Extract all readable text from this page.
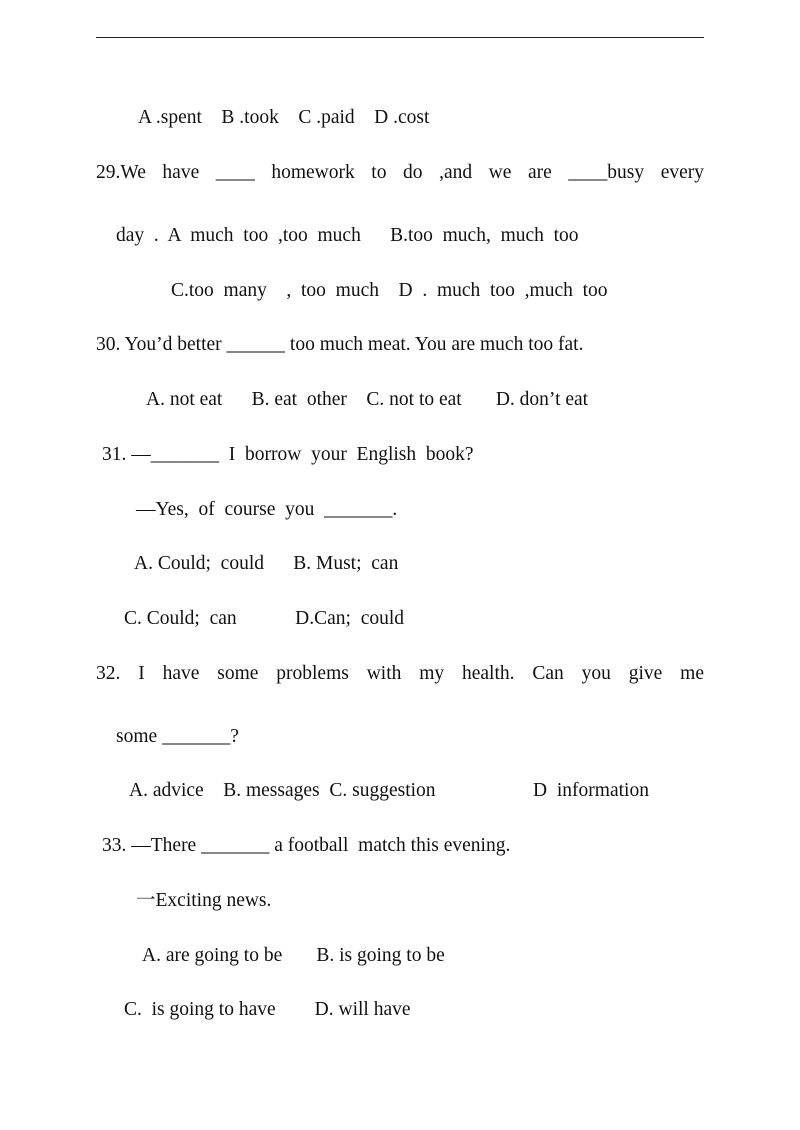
A .spent    B .took    C .paid    D .cost
29.We have ____ homework to do ,and we are ____busy every
day  .  A  much  too  ,too  much      B.too  much,  much  too
C.too  many    ,  too  much    D  .  much  too  ,much  too
30. You’d better ______ too much meat. You are much too fat.
A. not eat      B. eat  other    C. not to eat       D. don’t eat
31. —_______  I  borrow  your  English  book?
—Yes,  of  course  you  _______.
A. Could;  could      B. Must;  can
C. Could;  can            D.Can;  could
32. I have some problems with my health. Can you give me
some _______?
A. advice    B. messages  C. suggestion                    D  information
33. —There _______ a football  match this evening.
一Exciting news.
A. are going to be       B. is going to be
C.  is going to have        D. will have
